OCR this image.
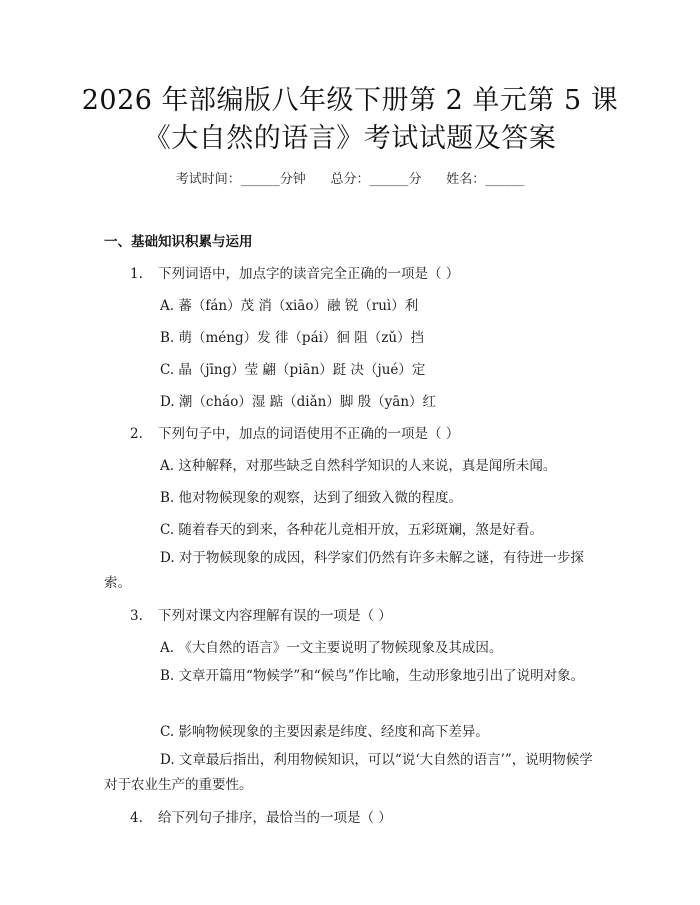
2026 年部编版八年级下册第 2 单元第 5 课
《大自然的语言》考试试题及答案
考试时间：______分钟      总分：______分      姓名：______
一、基础知识积累与运用
1. 下列词语中，加点字的读音完全正确的一项是（ ）
A. 蕃（fán）茂 消（xiāo）融 锐（ruì）利
B. 萌（méng）发 徘（pái）徊 阻（zǔ）挡
C. 晶（jīng）莹 翩（piān）跹 决（jué）定
D. 潮（cháo）湿 踮（diǎn）脚 殷（yān）红
2. 下列句子中，加点的词语使用不正确的一项是（ ）
A. 这种解释，对那些缺乏自然科学知识的人来说，真是闻所未闻。
B. 他对物候现象的观察，达到了细致入微的程度。
C. 随着春天的到来，各种花儿竞相开放，五彩斑斓，煞是好看。
D. 对于物候现象的成因，科学家们仍然有许多未解之谜，有待进一步探索。
3. 下列对课文内容理解有误的一项是（ ）
A. 《大自然的语言》一文主要说明了物候现象及其成因。
B. 文章开篇用“物候学”和“候鸟”作比喻，生动形象地引出了说明对象。
C. 影响物候现象的主要因素是纬度、经度和高下差异。
D. 文章最后指出，利用物候知识，可以“说‘大自然的语言’”，说明物候学对于农业生产的重要性。
4. 给下列句子排序，最恰当的一项是（ ）
